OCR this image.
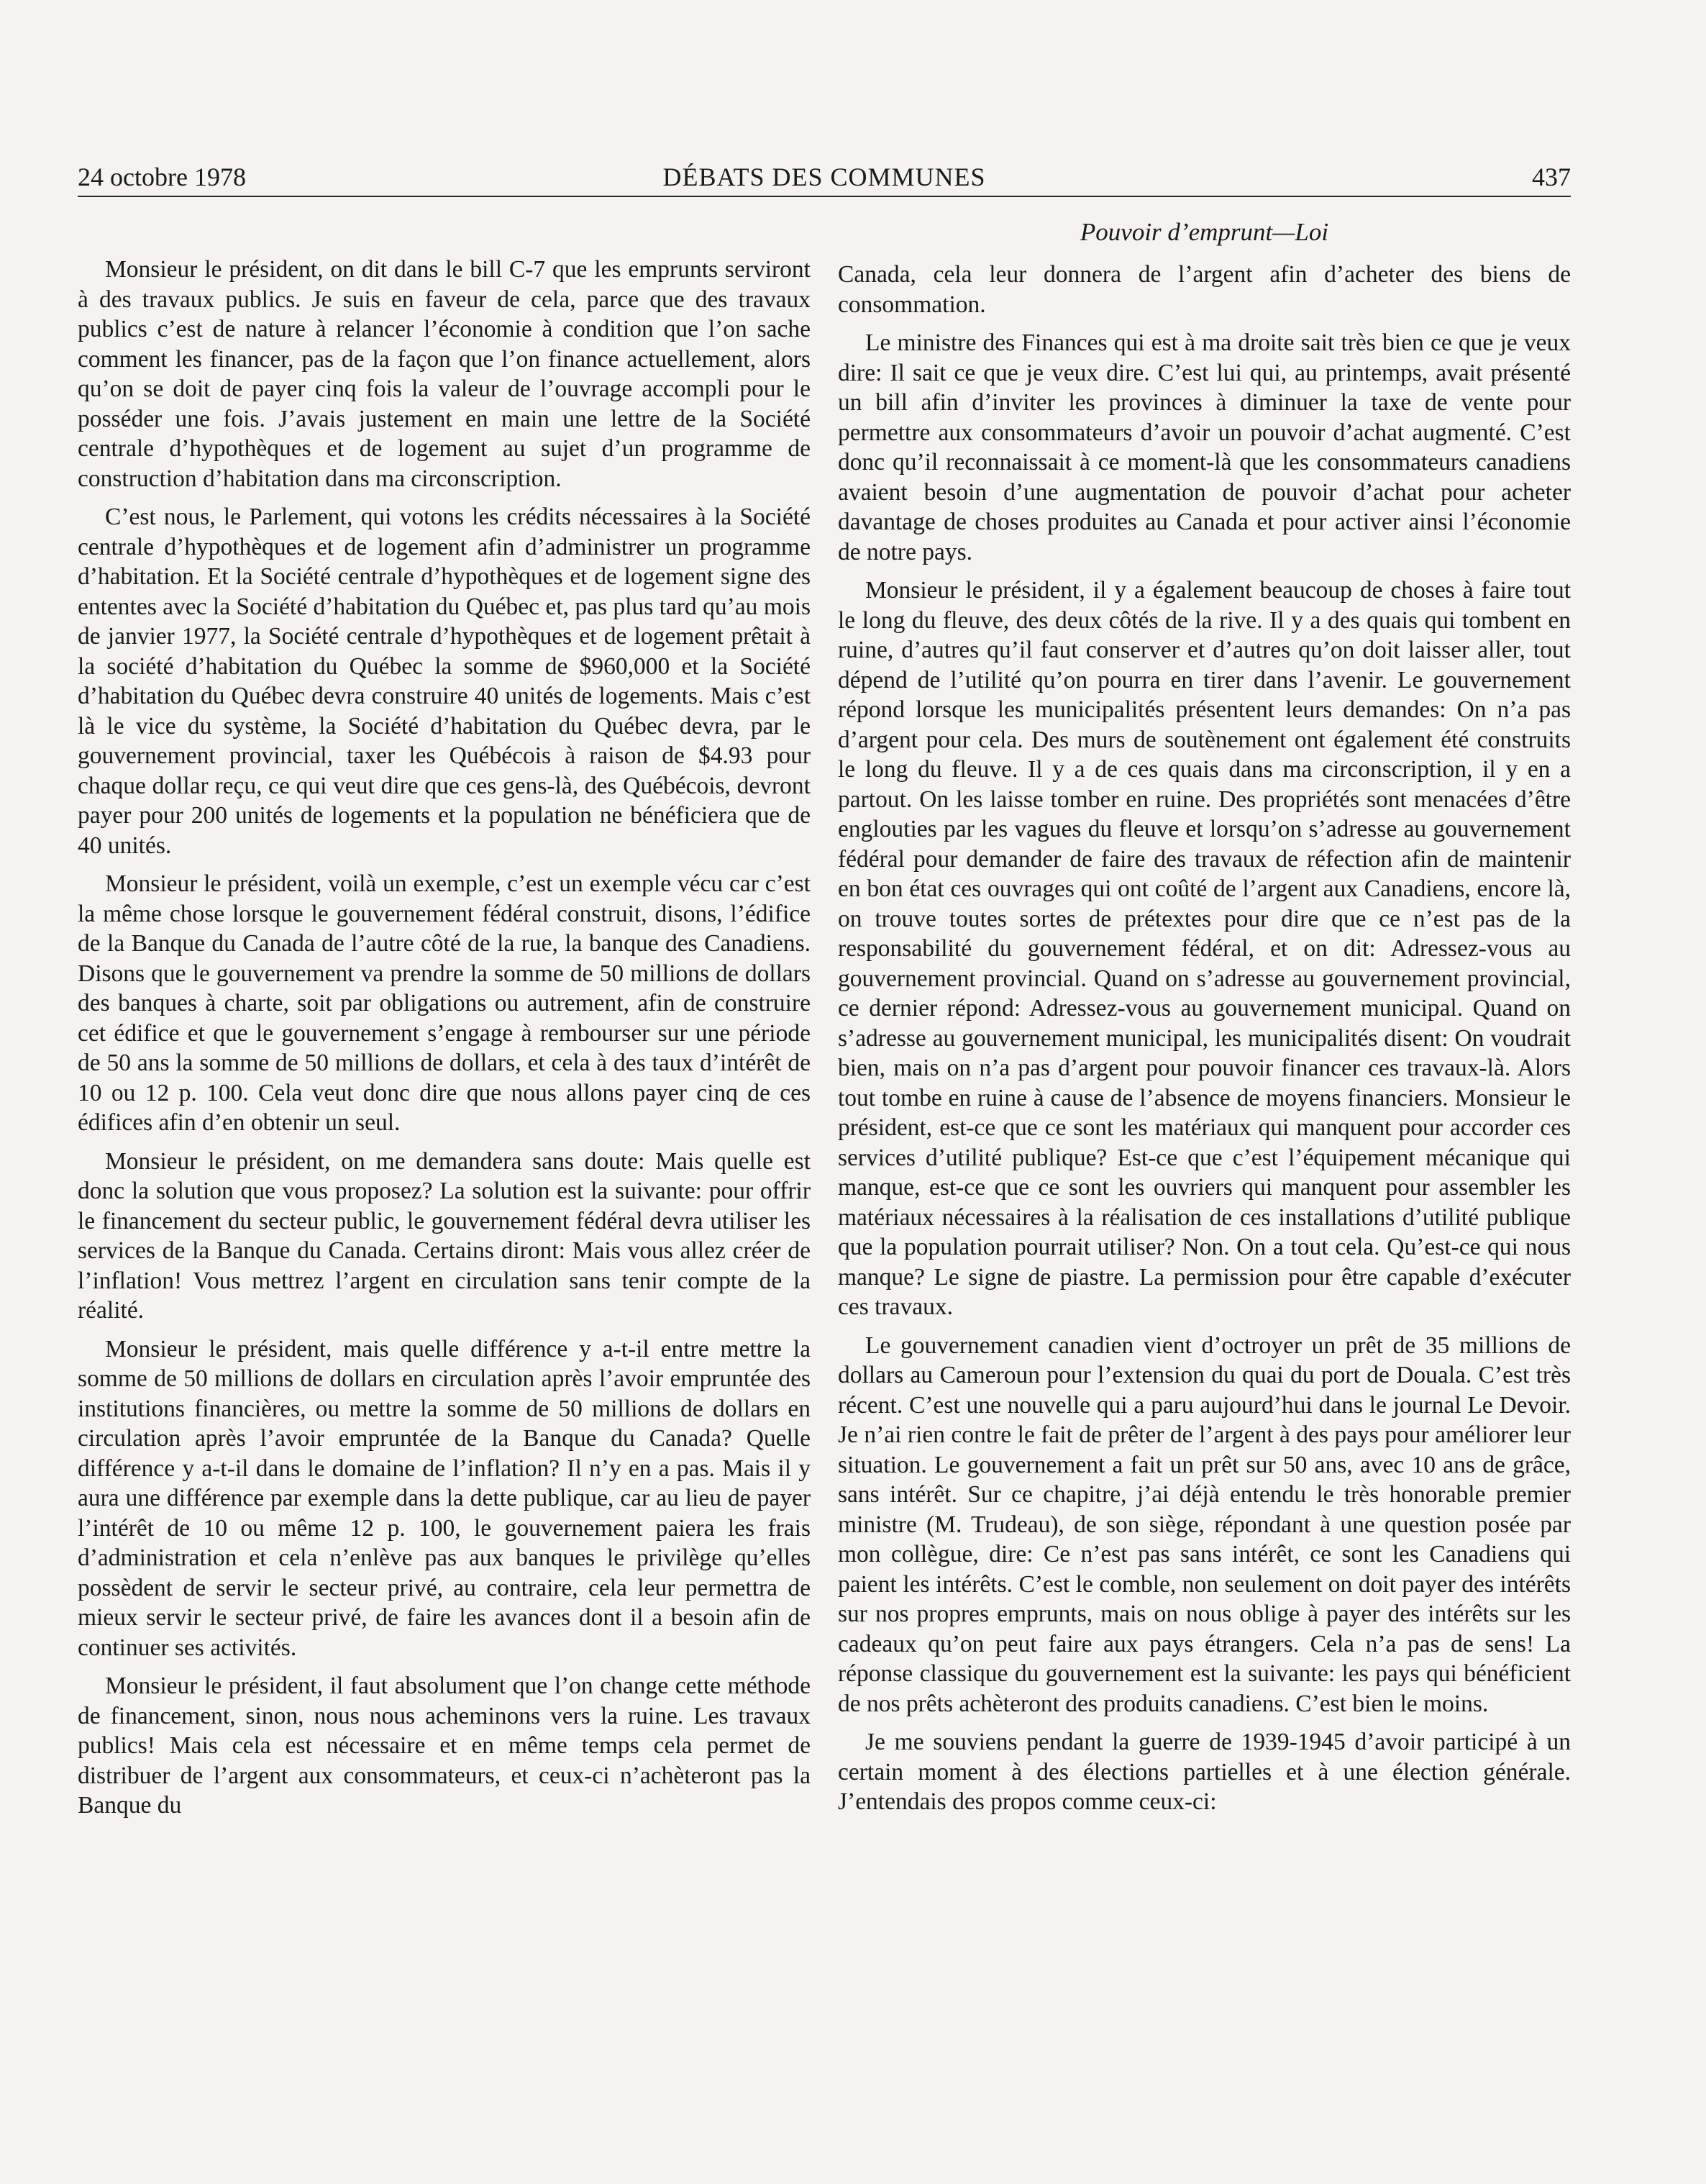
DÉBATS DES COMMUNES
24 octobre 1978	437
Pouvoir d’emprunt—Loi

Monsieur le président, on dit dans le bill C-7 que les emprunts serviront à des travaux publics. Je suis en faveur de cela, parce que des travaux publics c’est de nature à relancer l’économie à condition que l’on sache comment les financer, pas de la façon que l’on finance actuellement, alors qu’on se doit de payer cinq fois la valeur de l’ouvrage accompli pour le posséder une fois. J’avais justement en main une lettre de la Société centrale d’hypothèques et de logement au sujet d’un programme de construction d’habitation dans ma circonscription.

C’est nous, le Parlement, qui votons les crédits nécessaires à la Société centrale d’hypothèques et de logement afin d’administrer un programme d’habitation. Et la Société centrale d’hypothèques et de logement signe des ententes avec la Société d’habitation du Québec et, pas plus tard qu’au mois de janvier 1977, la Société centrale d’hypothèques et de logement prêtait à la société d’habitation du Québec la somme de $960,000 et la Société d’habitation du Québec devra construire 40 unités de logements. Mais c’est là le vice du système, la Société d’habitation du Québec devra, par le gouvernement provincial, taxer les Québécois à raison de $4.93 pour chaque dollar reçu, ce qui veut dire que ces gens-là, des Québécois, devront payer pour 200 unités de logements et la population ne bénéficiera que de 40 unités.

Monsieur le président, voilà un exemple, c’est un exemple vécu car c’est la même chose lorsque le gouvernement fédéral construit, disons, l’édifice de la Banque du Canada de l’autre côté de la rue, la banque des Canadiens. Disons que le gouvernement va prendre la somme de 50 millions de dollars des banques à charte, soit par obligations ou autrement, afin de construire cet édifice et que le gouvernement s’engage à rembourser sur une période de 50 ans la somme de 50 millions de dollars, et cela à des taux d’intérêt de 10 ou 12 p. 100. Cela veut donc dire que nous allons payer cinq de ces édifices afin d’en obtenir un seul.

Monsieur le président, on me demandera sans doute: Mais quelle est donc la solution que vous proposez? La solution est la suivante: pour offrir le financement du secteur public, le gouvernement fédéral devra utiliser les services de la Banque du Canada. Certains diront: Mais vous allez créer de l’inflation! Vous mettrez l’argent en circulation sans tenir compte de la réalité.

Monsieur le président, mais quelle différence y a-t-il entre mettre la somme de 50 millions de dollars en circulation après l’avoir empruntée des institutions financières, ou mettre la somme de 50 millions de dollars en circulation après l’avoir empruntée de la Banque du Canada? Quelle différence y a-t-il dans le domaine de l’inflation? Il n’y en a pas. Mais il y aura une différence par exemple dans la dette publique, car au lieu de payer l’intérêt de 10 ou même 12 p. 100, le gouvernement paiera les frais d’administration et cela n’enlève pas aux banques le privilège qu’elles possèdent de servir le secteur privé, au contraire, cela leur permettra de mieux servir le secteur privé, de faire les avances dont il a besoin afin de continuer ses activités.

Monsieur le président, il faut absolument que l’on change cette méthode de financement, sinon, nous nous acheminons vers la ruine. Les travaux publics! Mais cela est nécessaire et en même temps cela permet de distribuer de l’argent aux consommateurs, et ceux-ci n’achèteront pas la Banque du

Canada, cela leur donnera de l’argent afin d’acheter des biens de consommation.

Le ministre des Finances qui est à ma droite sait très bien ce que je veux dire: Il sait ce que je veux dire. C’est lui qui, au printemps, avait présenté un bill afin d’inviter les provinces à diminuer la taxe de vente pour permettre aux consommateurs d’avoir un pouvoir d’achat augmenté. C’est donc qu’il reconnaissait à ce moment-là que les consommateurs canadiens avaient besoin d’une augmentation de pouvoir d’achat pour acheter davantage de choses produites au Canada et pour activer ainsi l’économie de notre pays.

Monsieur le président, il y a également beaucoup de choses à faire tout le long du fleuve, des deux côtés de la rive. Il y a des quais qui tombent en ruine, d’autres qu’il faut conserver et d’autres qu’on doit laisser aller, tout dépend de l’utilité qu’on pourra en tirer dans l’avenir. Le gouvernement répond lorsque les municipalités présentent leurs demandes: On n’a pas d’argent pour cela. Des murs de soutènement ont également été construits le long du fleuve. Il y a de ces quais dans ma circonscription, il y en a partout. On les laisse tomber en ruine. Des propriétés sont menacées d’être englouties par les vagues du fleuve et lorsqu’on s’adresse au gouvernement fédéral pour demander de faire des travaux de réfection afin de maintenir en bon état ces ouvrages qui ont coûté de l’argent aux Canadiens, encore là, on trouve toutes sortes de prétextes pour dire que ce n’est pas de la responsabilité du gouvernement fédéral, et on dit: Adressez-vous au gouvernement provincial. Quand on s’adresse au gouvernement provincial, ce dernier répond: Adressez-vous au gouvernement municipal. Quand on s’adresse au gouvernement municipal, les municipalités disent: On voudrait bien, mais on n’a pas d’argent pour pouvoir financer ces travaux-là. Alors tout tombe en ruine à cause de l’absence de moyens financiers. Monsieur le président, est-ce que ce sont les matériaux qui manquent pour accorder ces services d’utilité publique? Est-ce que c’est l’équipement mécanique qui manque, est-ce que ce sont les ouvriers qui manquent pour assembler les matériaux nécessaires à la réalisation de ces installations d’utilité publique que la population pourrait utiliser? Non. On a tout cela. Qu’est-ce qui nous manque? Le signe de piastre. La permission pour être capable d’exécuter ces travaux.

Le gouvernement canadien vient d’octroyer un prêt de 35 millions de dollars au Cameroun pour l’extension du quai du port de Douala. C’est très récent. C’est une nouvelle qui a paru aujourd’hui dans le journal Le Devoir. Je n’ai rien contre le fait de prêter de l’argent à des pays pour améliorer leur situation. Le gouvernement a fait un prêt sur 50 ans, avec 10 ans de grâce, sans intérêt. Sur ce chapitre, j’ai déjà entendu le très honorable premier ministre (M. Trudeau), de son siège, répondant à une question posée par mon collègue, dire: Ce n’est pas sans intérêt, ce sont les Canadiens qui paient les intérêts. C’est le comble, non seulement on doit payer des intérêts sur nos propres emprunts, mais on nous oblige à payer des intérêts sur les cadeaux qu’on peut faire aux pays étrangers. Cela n’a pas de sens! La réponse classique du gouvernement est la suivante: les pays qui bénéficient de nos prêts achèteront des produits canadiens. C’est bien le moins.

Je me souviens pendant la guerre de 1939-1945 d’avoir participé à un certain moment à des élections partielles et à une élection générale. J’entendais des propos comme ceux-ci:
